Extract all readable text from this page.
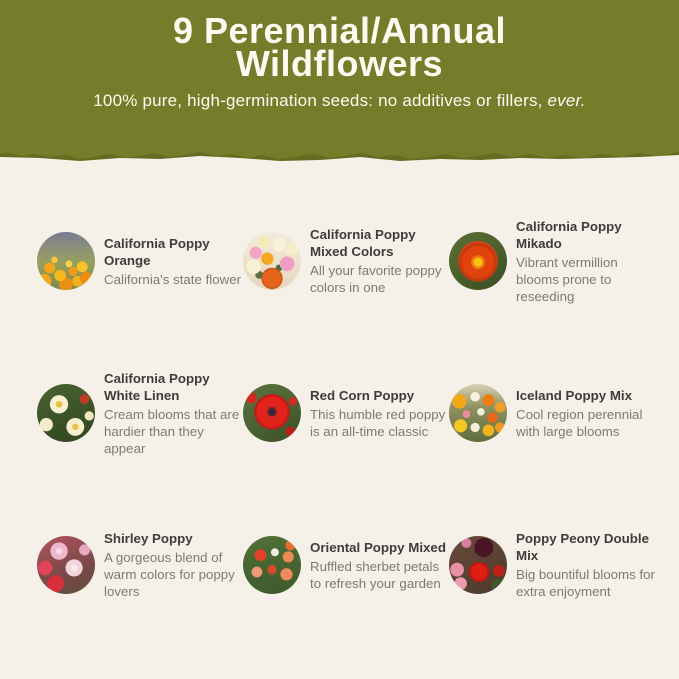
9 Perennial/Annual
Wildflowers

100% pure, high-germination seeds: no additives or fillers, ever.

California Poppy Orange
California's state flower
California Poppy Mixed Colors
All your favorite poppy colors in one
California Poppy Mikado
Vibrant vermillion blooms prone to reseeding
California Poppy White Linen
Cream blooms that are hardier than they appear
Red Corn Poppy
This humble red poppy is an all-time classic
Iceland Poppy Mix
Cool region perennial with large blooms
Shirley Poppy
A gorgeous blend of warm colors for poppy lovers
Oriental Poppy Mixed
Ruffled sherbet petals to refresh your garden
Poppy Peony Double Mix
Big bountiful blooms for extra enjoyment
